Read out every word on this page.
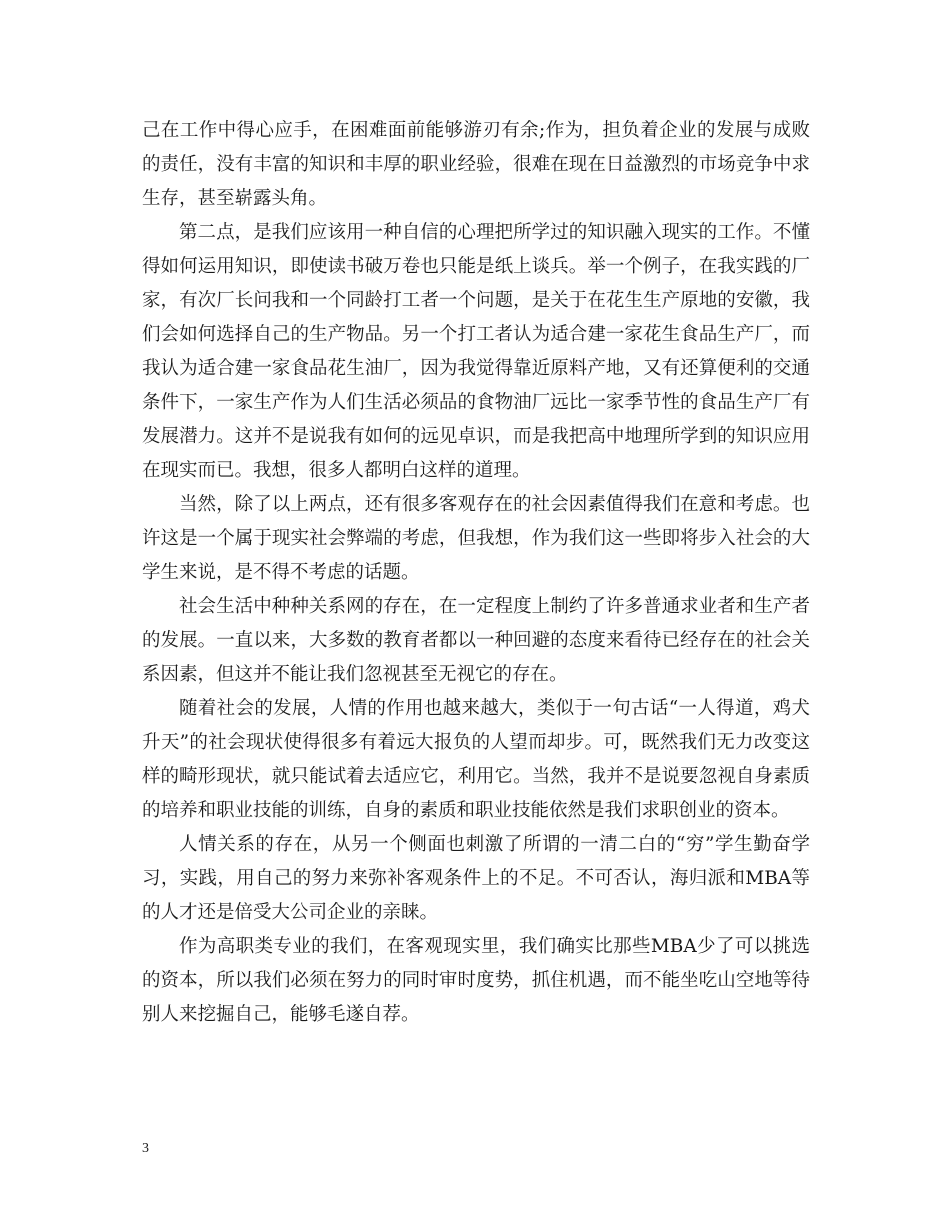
己在工作中得心应手，在困难面前能够游刃有余;作为，担负着企业的发展与成败的责任，没有丰富的知识和丰厚的职业经验，很难在现在日益激烈的市场竞争中求生存，甚至崭露头角。

第二点，是我们应该用一种自信的心理把所学过的知识融入现实的工作。不懂得如何运用知识，即使读书破万卷也只能是纸上谈兵。举一个例子，在我实践的厂家，有次厂长问我和一个同龄打工者一个问题，是关于在花生生产原地的安徽，我们会如何选择自己的生产物品。另一个打工者认为适合建一家花生食品生产厂，而我认为适合建一家食品花生油厂，因为我觉得靠近原料产地，又有还算便利的交通条件下，一家生产作为人们生活必须品的食物油厂远比一家季节性的食品生产厂有发展潜力。这并不是说我有如何的远见卓识，而是我把高中地理所学到的知识应用在现实而已。我想，很多人都明白这样的道理。

当然，除了以上两点，还有很多客观存在的社会因素值得我们在意和考虑。也许这是一个属于现实社会弊端的考虑，但我想，作为我们这一些即将步入社会的大学生来说，是不得不考虑的话题。

社会生活中种种关系网的存在，在一定程度上制约了许多普通求业者和生产者的发展。一直以来，大多数的教育者都以一种回避的态度来看待已经存在的社会关系因素，但这并不能让我们忽视甚至无视它的存在。

随着社会的发展，人情的作用也越来越大，类似于一句古话“一人得道，鸡犬升天”的社会现状使得很多有着远大报负的人望而却步。可，既然我们无力改变这样的畸形现状，就只能试着去适应它，利用它。当然，我并不是说要忽视自身素质的培养和职业技能的训练，自身的素质和职业技能依然是我们求职创业的资本。

人情关系的存在，从另一个侧面也刺激了所谓的一清二白的“穷”学生勤奋学习，实践，用自己的努力来弥补客观条件上的不足。不可否认，海归派和MBA等的人才还是倍受大公司企业的亲睐。

作为高职类专业的我们，在客观现实里，我们确实比那些MBA少了可以挑选的资本，所以我们必须在努力的同时审时度势，抓住机遇，而不能坐吃山空地等待别人来挖掘自己，能够毛遂自荐。

3
